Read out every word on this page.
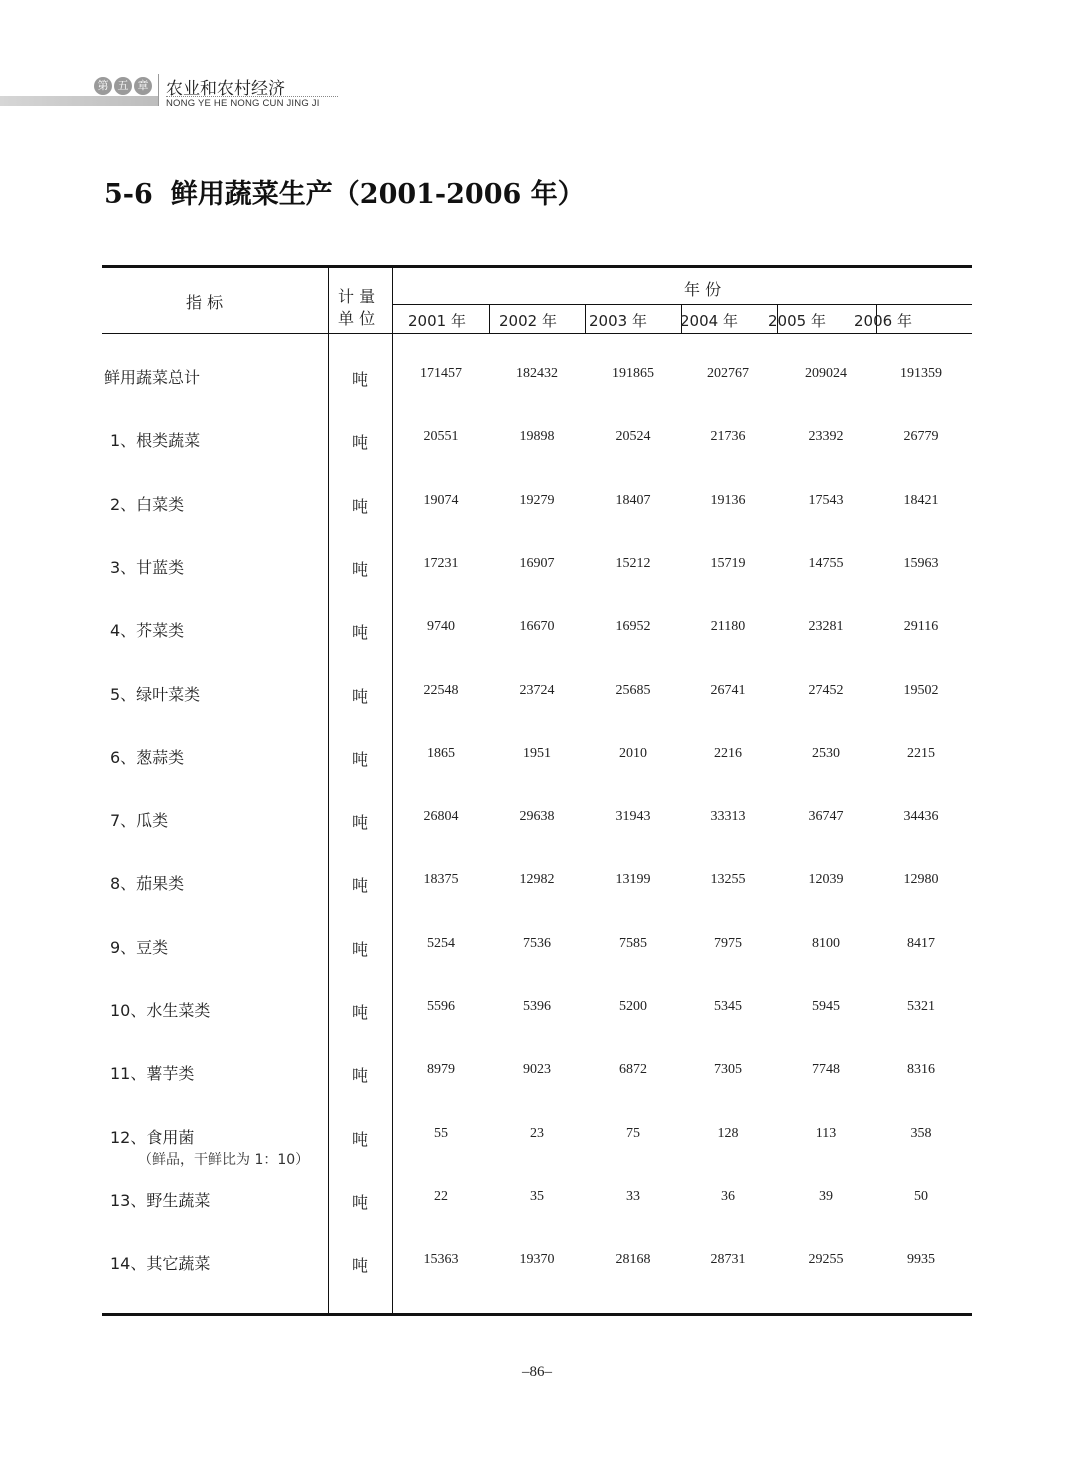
第 五 章 农业和农村经济
NONG YE HE NONG CUN JING JI
5-6 鲜用蔬菜生产（2001-2006 年）
指 标	计 量
单 位
年 份
2001 年 2002 年 2003 年 2004 年 2005 年 2006 年
鲜用蔬菜总计	吨	171457	182432	191865	202767	209024	191359
1、根类蔬菜	吨	20551	19898	20524	21736	23392	26779
2、白菜类	吨	19074	19279	18407	19136	17543	18421
3、甘蓝类	吨	17231	16907	15212	15719	14755	15963
4、芥菜类	吨	9740	16670	16952	21180	23281	29116
5、绿叶菜类	吨	22548	23724	25685	26741	27452	19502
6、葱蒜类	吨	1865	1951	2010	2216	2530	2215
7、瓜类	吨	26804	29638	31943	33313	36747	34436
8、茄果类	吨	18375	12982	13199	13255	12039	12980
9、豆类	吨	5254	7536	7585	7975	8100	8417
10、水生菜类	吨	5596	5396	5200	5345	5945	5321
11、薯芋类	吨	8979	9023	6872	7305	7748	8316
12、食用菌
（鲜品，干鲜比为 1：10）
吨	55	23	75	128	113	358
13、野生蔬菜	吨	22	35	33	36	39	50
14、其它蔬菜	吨	15363	19370	28168	28731	29255	9935
–86–
